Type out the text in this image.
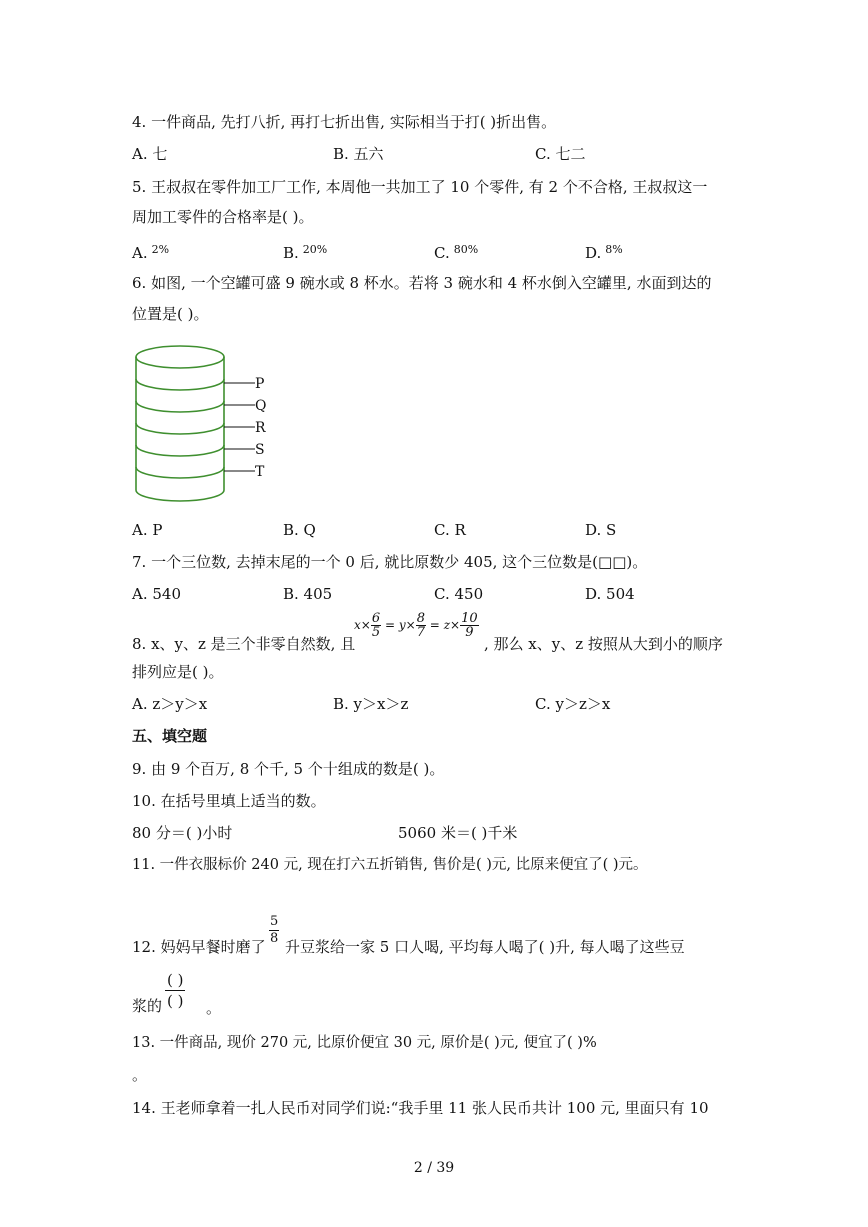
4. 一件商品, 先打八折, 再打七折出售, 实际相当于打( )折出售。
A. 七	B. 五六	C. 七二
5. 王叔叔在零件加工厂工作, 本周他一共加工了 10 个零件, 有 2 个不合格, 王叔叔这一
周加工零件的合格率是( )。
A. $^{2\%}$	B. $^{20\%}$	C. $^{80\%}$	D. $^{8\%}$
6. 如图, 一个空罐可盛 9 碗水或 8 杯水。若将 3 碗水和 4 杯水倒入空罐里, 水面到达的
位置是( )。
P
Q
R
S
T
A. P	B. Q	C. R	D. S
7. 一个三位数, 去掉末尾的一个 0 后, 就比原数少 405, 这个三位数是(□□)。
A. 540	B. 405	C. 450	D. 504
8. x、y、z 是三个非零自然数, 且
$x\times \frac{6}{5} = y\times \frac{8}{7} = z\times \frac{10}{9}$
, 那么 x、y、z 按照从大到小的顺序
排列应是( )。
A. z＞y＞x	B. y＞x＞z	C. y＞z＞x
五、填空题
9. 由 9 个百万, 8 个千, 5 个十组成的数是( )。
10. 在括号里填上适当的数。
80 分＝( )小时	5060 米＝( )千米
11. 一件衣服标价 240 元, 现在打六五折销售, 售价是( )元, 比原来便宜了( )元。
12. 妈妈早餐时磨了 $\frac{5}{8}$ 升豆浆给一家 5 口人喝, 平均每人喝了( )升, 每人喝了这些豆
浆的
( )
( ) 。
13. 一件商品, 现价 270 元, 比原价便宜 30 元, 原价是( )元, 便宜了( )%
。
14. 王老师拿着一扎人民币对同学们说:“我手里 11 张人民币共计 100 元, 里面只有 10
2 / 39
